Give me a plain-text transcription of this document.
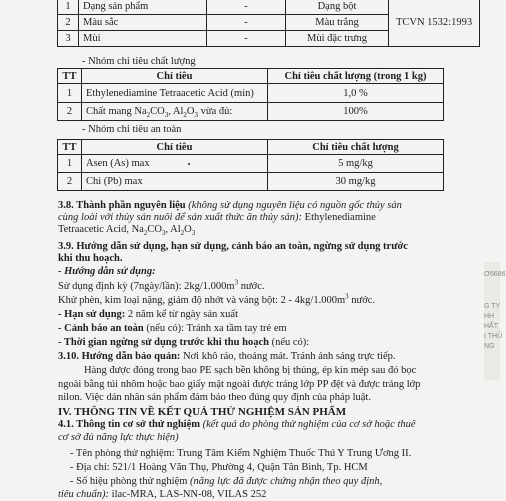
1	Dạng sản phẩm	-	Dạng bột	TCVN 1532:1993
2	Màu sắc	-	Màu trắng	
3	Mùi	-	Mùi đặc trưng	
- Nhóm chỉ tiêu chất lượng
TT	Chỉ tiêu	Chỉ tiêu chất lượng (trong 1 kg)
1	Ethylenediamine Tetraacetic Acid (min)	1,0 %
2	Chất mang $Na_2CO_3$, $Al_2O_3$ vừa đủ:	100%
- Nhóm chỉ tiêu an toàn
TT	Chỉ tiêu	Chỉ tiêu chất lượng
1	Asen (As) max	5 mg/kg
2	Chì (Pb) max	30 mg/kg
3.8. Thành phần nguyên liệu (không sử dụng nguyên liệu có nguồn gốc thủy sản
cùng loài với thủy sản nuôi để sản xuất thức ăn thủy sản): Ethylenediamine
Tetraacetic Acid, $Na_2CO_3$, $Al_2O_3$
3.9. Hướng dẫn sử dụng, hạn sử dụng, cảnh báo an toàn, ngừng sử dụng trước
khi thu hoạch.
- Hướng dẫn sử dụng:
Sử dụng định kỳ (7ngày/lần): $2kg/1.000m^3$ nước.
Khử phèn, kim loại nặng, giảm độ nhớt và váng bột: $2 - 4kg/1.000m^3$ nước.
- Hạn sử dụng: 2 năm kể từ ngày sản xuất
- Cảnh báo an toàn (nếu có): Tránh xa tầm tay trẻ em
- Thời gian ngừng sử dụng trước khi thu hoạch (nếu có):
3.10. Hướng dẫn bảo quản: Nơi khô ráo, thoáng mát. Tránh ánh sáng trực tiếp.
Hàng được đóng trong bao PE sạch bền không bị thủng, ép kín mép sau đó bọc
ngoài bằng túi nhôm hoặc bao giấy mặt ngoài được tráng lớp PP đệt và được tráng lớp
nilon. Việc dán nhãn sản phẩm đảm bảo theo đúng quy định của pháp luật.
IV. THÔNG TIN VỀ KẾT QUẢ THỬ NGHIỆM SẢN PHẨM
4.1. Thông tin cơ sở thử nghiệm (kết quả do phòng thử nghiệm của cơ sở hoặc thuê
cơ sở đủ năng lực thực hiện)
- Tên phòng thử nghiệm: Trung Tâm Kiểm Nghiệm Thuốc Thú Y Trung Ương II.
- Địa chỉ: 521/1 Hoàng Văn Thụ, Phường 4, Quận Tân Bình, Tp. HCM
- Số hiệu phòng thử nghiệm (năng lực đã được chứng nhận theo quy định,
tiêu chuẩn): ilac-MRA, LAS-NN-08, VILAS 252
Ơ6686
G TY
HH
HẤT
Ị THỦ
NG
